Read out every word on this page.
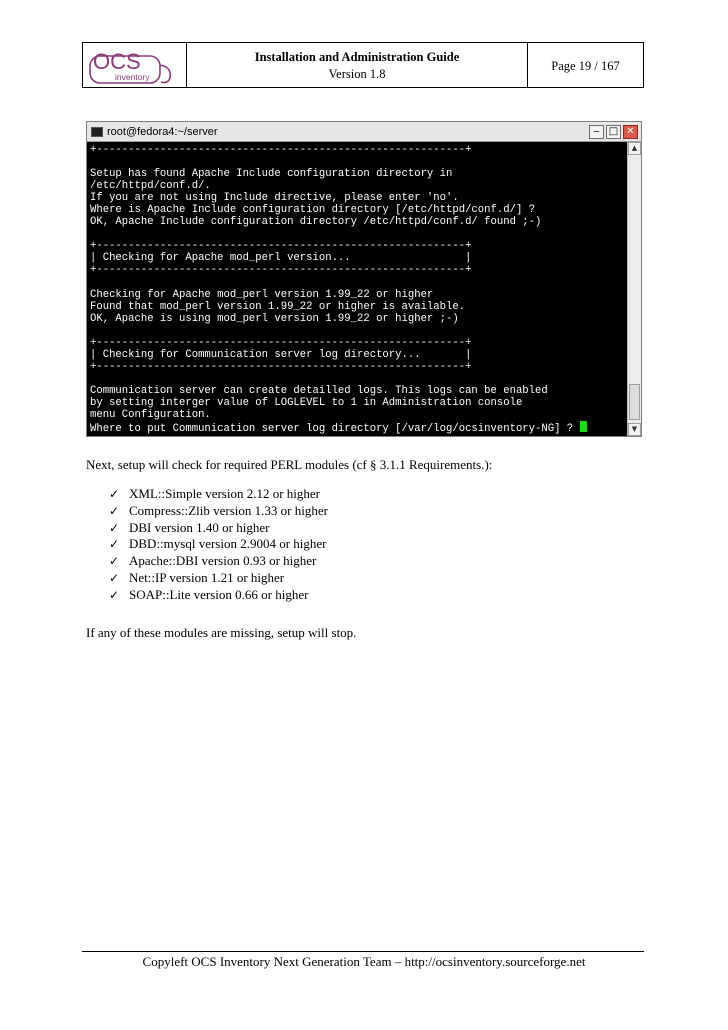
OCS
inventory
Installation and Administration Guide
Version 1.8
Page 19 / 167
root@fedora4:~/server	‒ □ ✕
+----------------------------------------------------------+

Setup has found Apache Include configuration directory in
/etc/httpd/conf.d/.
If you are not using Include directive, please enter 'no'.
Where is Apache Include configuration directory [/etc/httpd/conf.d/] ?
OK, Apache Include configuration directory /etc/httpd/conf.d/ found ;-)

+----------------------------------------------------------+
| Checking for Apache mod_perl version...                  |
+----------------------------------------------------------+

Checking for Apache mod_perl version 1.99_22 or higher
Found that mod_perl version 1.99_22 or higher is available.
OK, Apache is using mod_perl version 1.99_22 or higher ;-)

+----------------------------------------------------------+
| Checking for Communication server log directory...       |
+----------------------------------------------------------+

Communication server can create detailled logs. This logs can be enabled
by setting interger value of LOGLEVEL to 1 in Administration console
menu Configuration.
Where to put Communication server log directory [/var/log/ocsinventory-NG] ?
▲
▼
Next, setup will check for required PERL modules (cf § 3.1.1 Requirements.):
✓ XML::Simple version 2.12 or higher
✓ Compress::Zlib version 1.33 or higher
✓ DBI version 1.40 or higher
✓ DBD::mysql version 2.9004 or higher
✓ Apache::DBI version 0.93 or higher
✓ Net::IP version 1.21 or higher
✓ SOAP::Lite version 0.66 or higher
If any of these modules are missing, setup will stop.
Copyleft OCS Inventory Next Generation Team – http://ocsinventory.sourceforge.net
